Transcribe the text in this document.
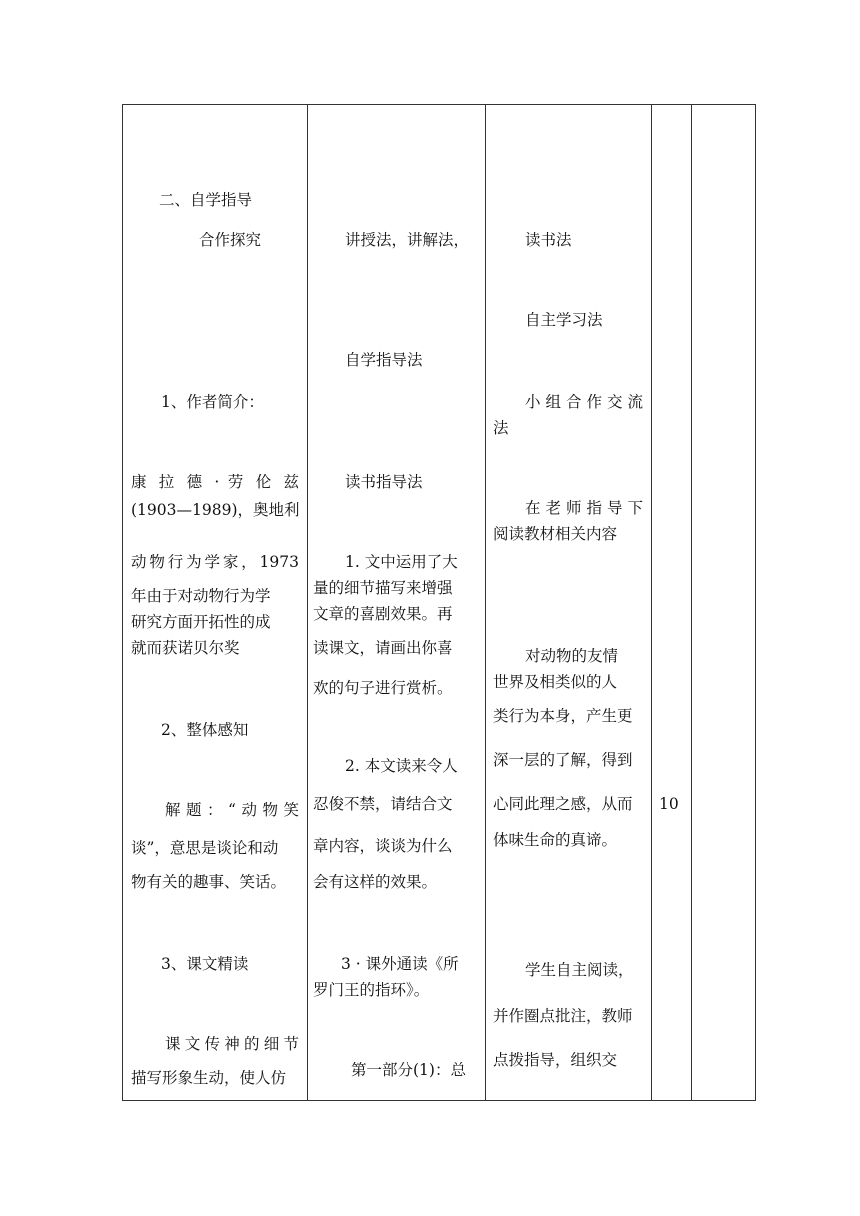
二、自学指导
合作探究
1、作者简介：
康 拉 德 · 劳 伦 兹
(1903—1989)，奥地利
动物行为学家，1973
年由于对动物行为学
研究方面开拓性的成
就而获诺贝尔奖
2、整体感知
解题：“动物笑
谈”，意思是谈论和动
物有关的趣事、笑话。
3、课文精读
课文传神的细节
描写形象生动，使人仿
讲授法，讲解法，
自学指导法
读书指导法
1. 文中运用了大
量的细节描写来增强
文章的喜剧效果。再
读课文，请画出你喜
欢的句子进行赏析。
2. 本文读来令人
忍俊不禁，请结合文
章内容，谈谈为什么
会有这样的效果。
3 · 课外通读《所
罗门王的指环》。
第一部分(1)：总
读书法
自主学习法
小 组 合 作 交 流
法
在 老 师 指 导 下
阅读教材相关内容
对动物的友情
世界及相类似的人
类行为本身，产生更
深一层的了解，得到
心同此理之感，从而
体味生命的真谛。
学生自主阅读，
并作圈点批注，教师
点拨指导，组织交
10
